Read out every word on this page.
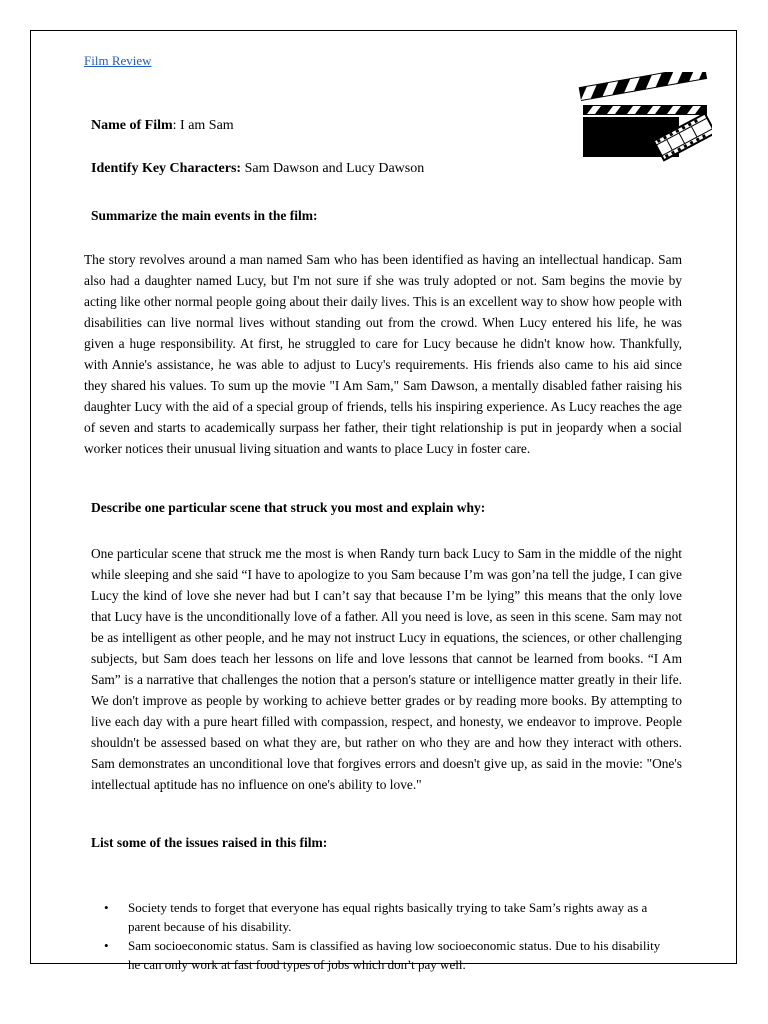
Film Review
Name of Film: I am Sam
Identify Key Characters: Sam Dawson and Lucy Dawson
Summarize the main events in the film:
The story revolves around a man named Sam who has been identified as having an intellectual handicap. Sam also had a daughter named Lucy, but I'm not sure if she was truly adopted or not. Sam begins the movie by acting like other normal people going about their daily lives. This is an excellent way to show how people with disabilities can live normal lives without standing out from the crowd. When Lucy entered his life, he was given a huge responsibility. At first, he struggled to care for Lucy because he didn't know how. Thankfully, with Annie's assistance, he was able to adjust to Lucy's requirements. His friends also came to his aid since they shared his values. To sum up the movie "I Am Sam," Sam Dawson, a mentally disabled father raising his daughter Lucy with the aid of a special group of friends, tells his inspiring experience. As Lucy reaches the age of seven and starts to academically surpass her father, their tight relationship is put in jeopardy when a social worker notices their unusual living situation and wants to place Lucy in foster care.
Describe one particular scene that struck you most and explain why:
One particular scene that struck me the most is when Randy turn back Lucy to Sam in the middle of the night while sleeping and she said “I have to apologize to you Sam because I’m was gon’na tell the judge, I can give Lucy the kind of love she never had but I can’t say that because I’m be lying” this means that the only love that Lucy have is the unconditionally love of a father. All you need is love, as seen in this scene. Sam may not be as intelligent as other people, and he may not instruct Lucy in equations, the sciences, or other challenging subjects, but Sam does teach her lessons on life and love lessons that cannot be learned from books. “I Am Sam” is a narrative that challenges the notion that a person's stature or intelligence matter greatly in their life. We don't improve as people by working to achieve better grades or by reading more books. By attempting to live each day with a pure heart filled with compassion, respect, and honesty, we endeavor to improve. People shouldn't be assessed based on what they are, but rather on who they are and how they interact with others. Sam demonstrates an unconditional love that forgives errors and doesn't give up, as said in the movie: "One's intellectual aptitude has no influence on one's ability to love."
List some of the issues raised in this film:
• Society tends to forget that everyone has equal rights basically trying to take Sam’s rights away as a parent because of his disability.
• Sam socioeconomic status. Sam is classified as having low socioeconomic status. Due to his disability he can only work at fast food types of jobs which don’t pay well.
